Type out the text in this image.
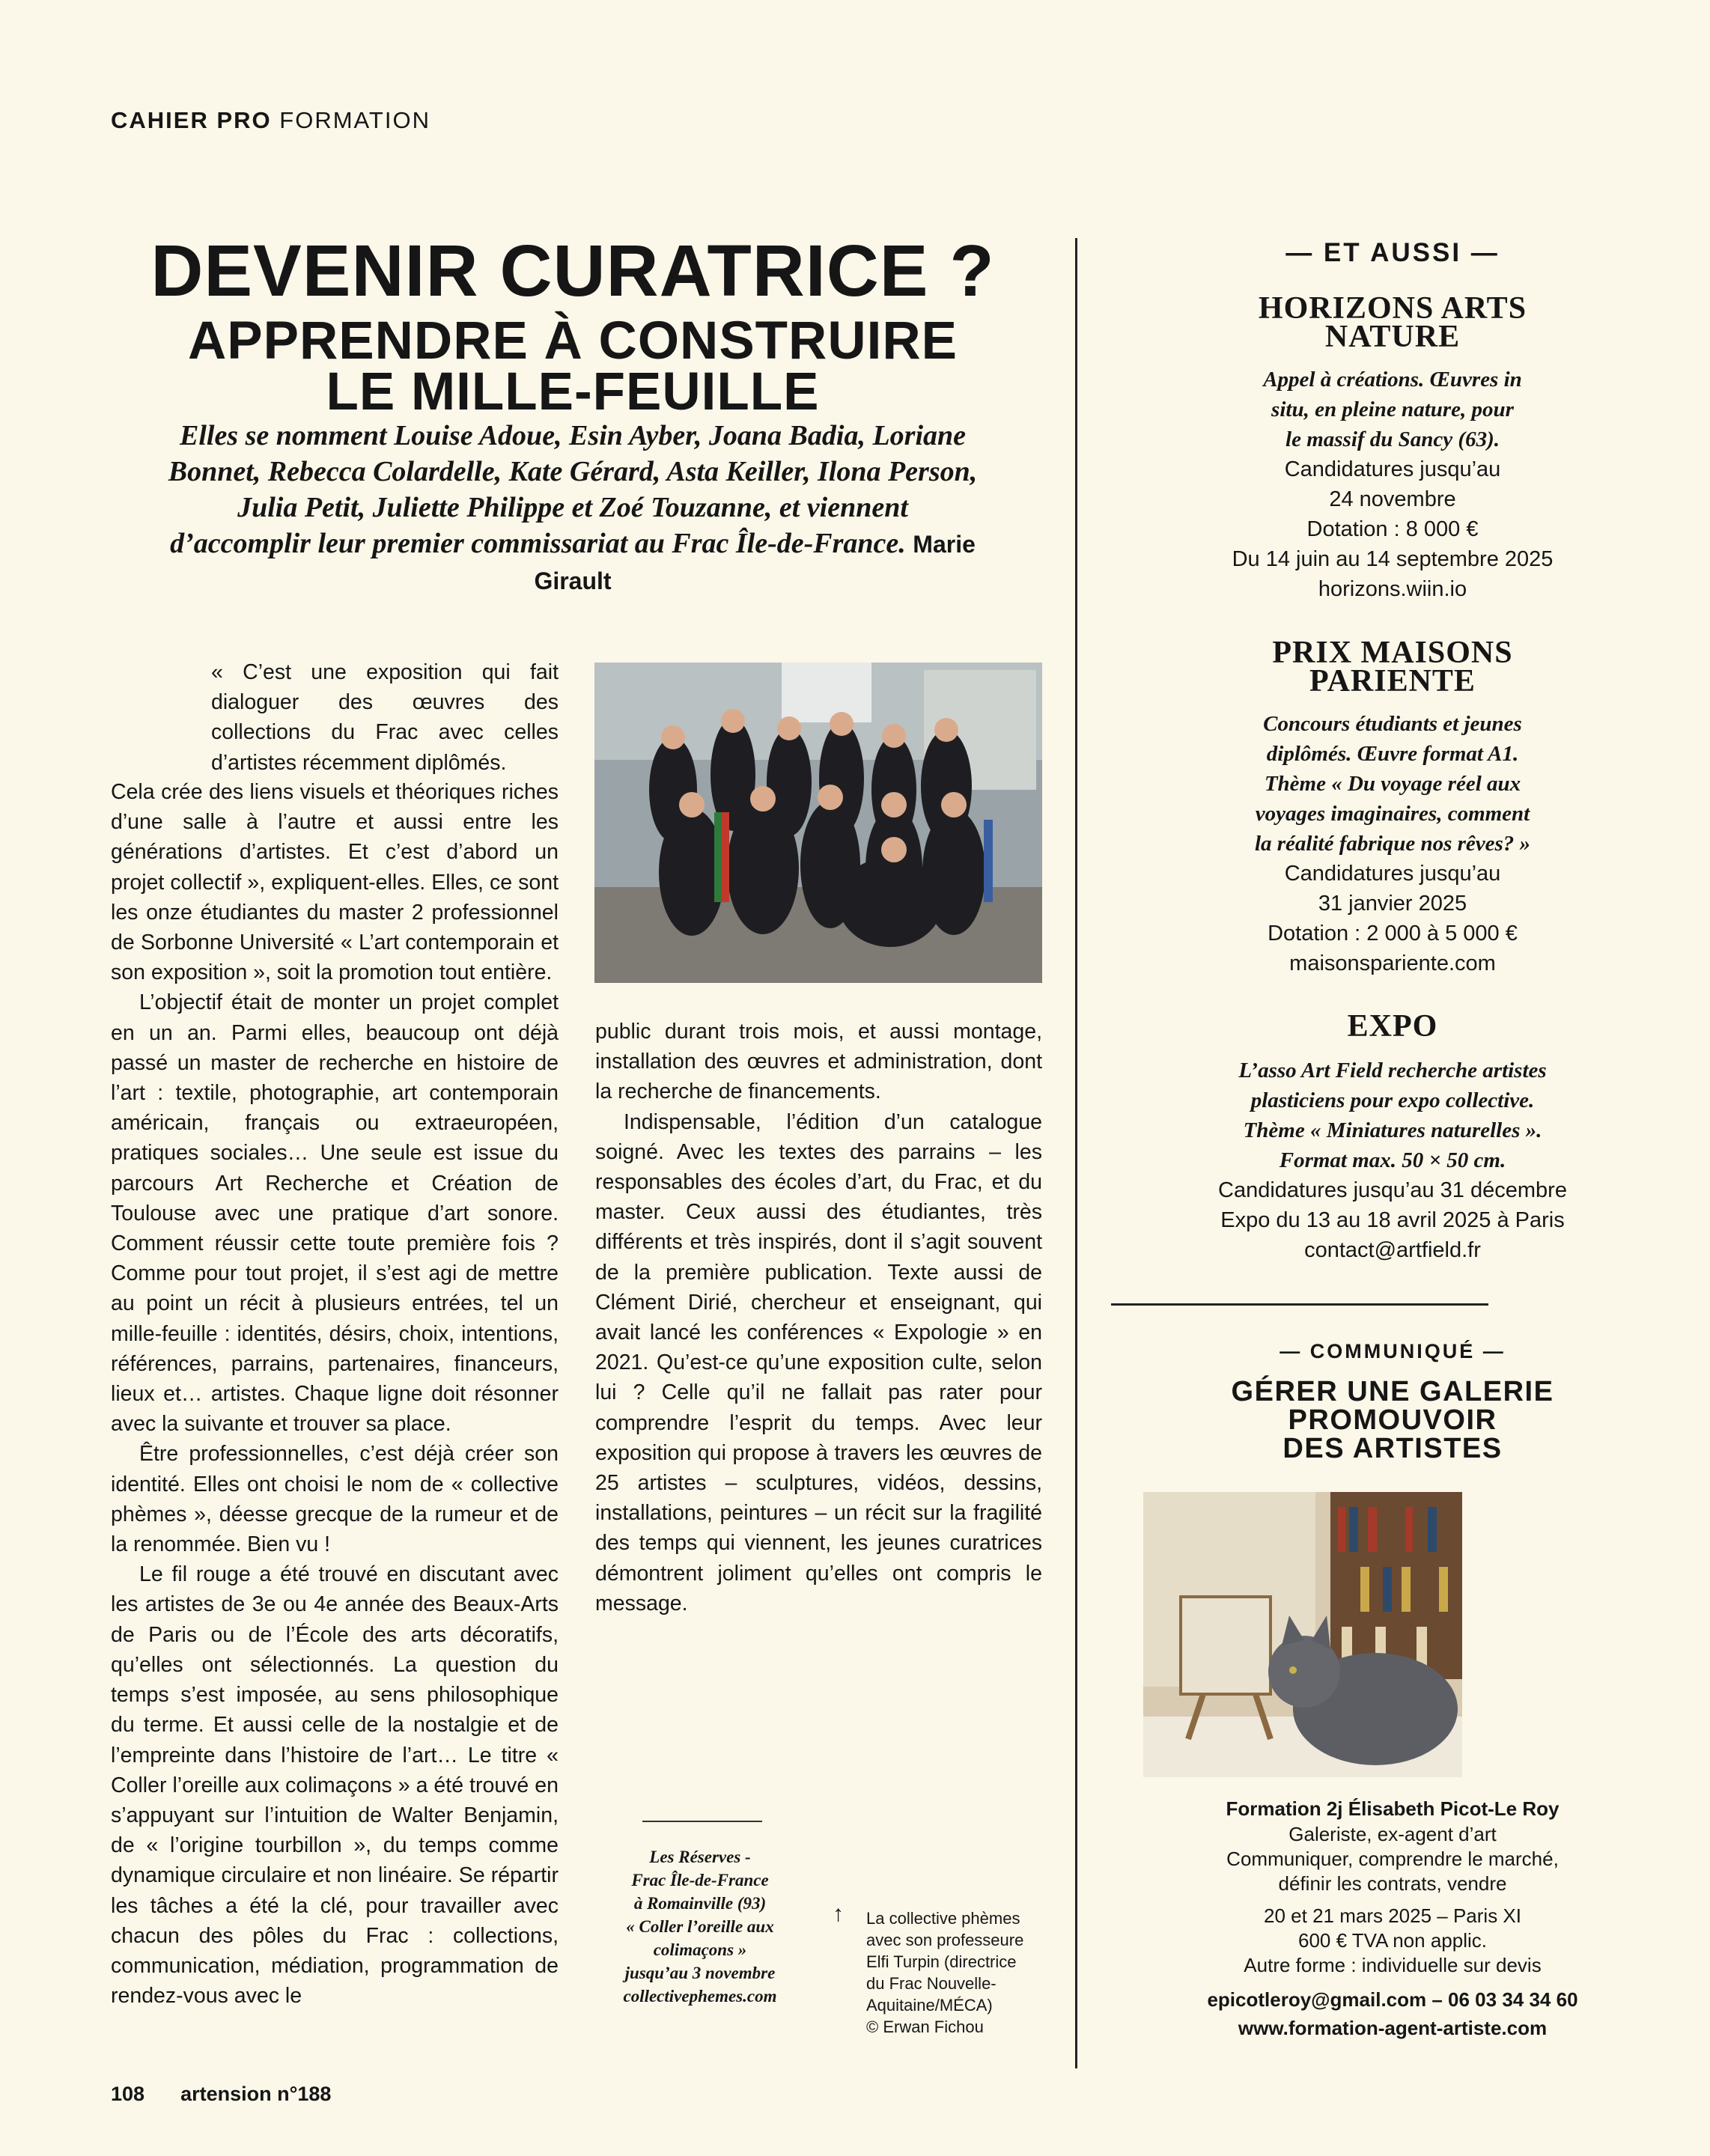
CAHIER PRO FORMATION
DEVENIR CURATRICE ?
APPRENDRE À CONSTRUIRE
LE MILLE-FEUILLE
Elles se nomment Louise Adoue, Esin Ayber, Joana Badia, Loriane Bonnet, Rebecca Colardelle, Kate Gérard, Asta Keiller, Ilona Person, Julia Petit, Juliette Philippe et Zoé Touzanne, et viennent d’accomplir leur premier commissariat au Frac Île-de-France. Marie Girault

« C’est une exposition qui fait dialoguer des œuvres des collections du Frac avec celles d’artistes récemment diplômés.

Cela crée des liens visuels et théoriques riches d’une salle à l’autre et aussi entre les générations d’artistes. Et c’est d’abord un projet collectif », expliquent-elles. Elles, ce sont les onze étudiantes du master 2 professionnel de Sorbonne Université « L’art contemporain et son exposition », soit la promotion tout entière.

L’objectif était de monter un projet complet en un an. Parmi elles, beaucoup ont déjà passé un master de recherche en histoire de l’art : textile, photographie, art contemporain américain, français ou extraeuropéen, pratiques sociales… Une seule est issue du parcours Art Recherche et Création de Toulouse avec une pratique d’art sonore. Comment réussir cette toute première fois ? Comme pour tout projet, il s’est agi de mettre au point un récit à plusieurs entrées, tel un mille-feuille : identités, désirs, choix, intentions, références, parrains, partenaires, financeurs, lieux et… artistes. Chaque ligne doit résonner avec la suivante et trouver sa place.

Être professionnelles, c’est déjà créer son identité. Elles ont choisi le nom de « collective phèmes », déesse grecque de la rumeur et de la renommée. Bien vu !

Le fil rouge a été trouvé en discutant avec les artistes de 3e ou 4e année des Beaux-Arts de Paris ou de l’École des arts décoratifs, qu’elles ont sélectionnés. La question du temps s’est imposée, au sens philosophique du terme. Et aussi celle de la nostalgie et de l’empreinte dans l’histoire de l’art… Le titre « Coller l’oreille aux colimaçons » a été trouvé en s’appuyant sur l’intuition de Walter Benjamin, de « l’origine tourbillon », du temps comme dynamique circulaire et non linéaire. Se répartir les tâches a été la clé, pour travailler avec chacun des pôles du Frac : collections, communication, médiation, programmation de rendez-vous avec le

public durant trois mois, et aussi montage, installation des œuvres et administration, dont la recherche de financements.

Indispensable, l’édition d’un catalogue soigné. Avec les textes des parrains – les responsables des écoles d’art, du Frac, et du master. Ceux aussi des étudiantes, très différents et très inspirés, dont il s’agit souvent de la première publication. Texte aussi de Clément Dirié, chercheur et enseignant, qui avait lancé les conférences « Expologie » en 2021. Qu’est-ce qu’une exposition culte, selon lui ? Celle qu’il ne fallait pas rater pour comprendre l’esprit du temps. Avec leur exposition qui propose à travers les œuvres de 25 artistes – sculptures, vidéos, dessins, installations, peintures – un récit sur la fragilité des temps qui viennent, les jeunes curatrices démontrent joliment qu’elles ont compris le message.

Les Réserves -
Frac Île-de-France
à Romainville (93)
« Coller l’oreille aux
colimaçons »
jusqu’au 3 novembre
collectivephemes.com
↑ La collective phèmes
avec son professeure
Elfi Turpin (directrice
du Frac Nouvelle-
Aquitaine/MÉCA)
© Erwan Fichou
— ET AUSSI —
HORIZONS ARTS
NATURE
Appel à créations. Œuvres in
situ, en pleine nature, pour
le massif du Sancy (63).
Candidatures jusqu’au
24 novembre
Dotation : 8 000 €
Du 14 juin au 14 septembre 2025
horizons.wiin.io
PRIX MAISONS
PARIENTE
Concours étudiants et jeunes
diplômés. Œuvre format A1.
Thème « Du voyage réel aux
voyages imaginaires, comment
la réalité fabrique nos rêves? »
Candidatures jusqu’au
31 janvier 2025
Dotation : 2 000 à 5 000 €
maisonspariente.com
EXPO
L’asso Art Field recherche artistes
plasticiens pour expo collective.
Thème « Miniatures naturelles ».
Format max. 50 × 50 cm.
Candidatures jusqu’au 31 décembre
Expo du 13 au 18 avril 2025 à Paris
contact@artfield.fr
— COMMUNIQUÉ —
GÉRER UNE GALERIE
PROMOUVOIR
DES ARTISTES
Formation 2j Élisabeth Picot-Le Roy
Galeriste, ex-agent d’art
Communiquer, comprendre le marché,
définir les contrats, vendre
20 et 21 mars 2025 – Paris XI
600 € TVA non applic.
Autre forme : individuelle sur devis
epicotleroy@gmail.com – 06 03 34 34 60
www.formation-agent-artiste.com
108 artension n°188
